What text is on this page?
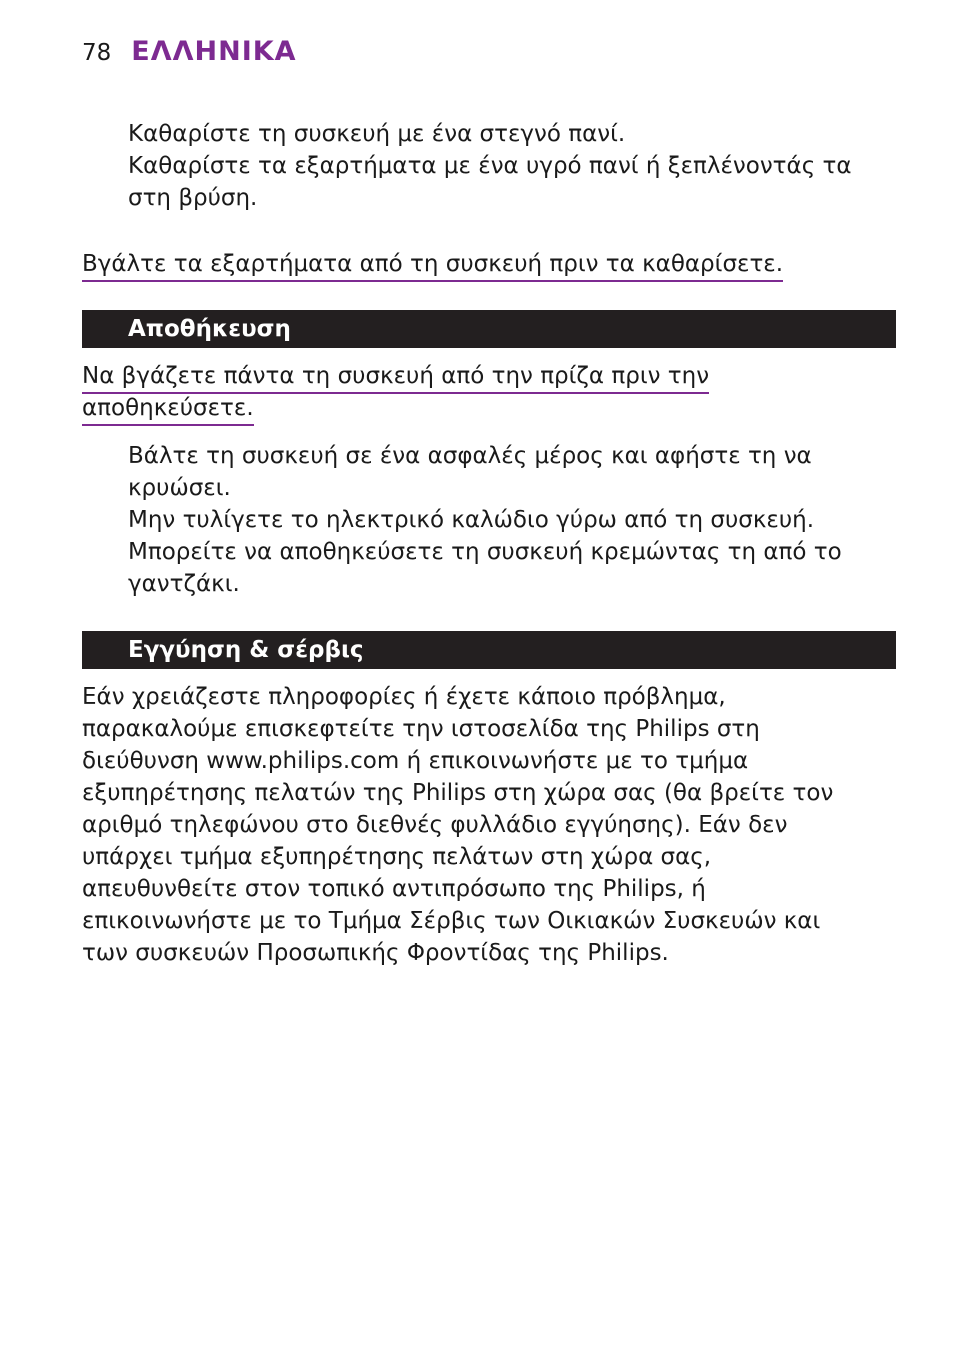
78 ΕΛΛΗΝΙΚΑ
Καθαρίστε τη συσκευή με ένα στεγνό πανί.
Καθαρίστε τα εξαρτήματα με ένα υγρό πανί ή ξεπλένοντάς τα
στη βρύση.
Βγάλτε τα εξαρτήματα από τη συσκευή πριν τα καθαρίσετε.
Αποθήκευση
Να βγάζετε πάντα τη συσκευή από την πρίζα πριν την
αποθηκεύσετε.
Βάλτε τη συσκευή σε ένα ασφαλές μέρος και αφήστε τη να
κρυώσει.
Μην τυλίγετε το ηλεκτρικό καλώδιο γύρω από τη συσκευή.
Μπορείτε να αποθηκεύσετε τη συσκευή κρεμώντας τη από το
γαντζάκι.
Εγγύηση & σέρβις
Εάν χρειάζεστε πληροφορίες ή έχετε κάποιο πρόβλημα,
παρακαλούμε επισκεφτείτε την ιστοσελίδα της Philips στη
διεύθυνση www.philips.com ή επικοινωνήστε με το τμήμα
εξυπηρέτησης πελατών της Philips στη χώρα σας (θα βρείτε τον
αριθμό τηλεφώνου στο διεθνές φυλλάδιο εγγύησης). Εάν δεν
υπάρχει τμήμα εξυπηρέτησης πελάτων στη χώρα σας,
απευθυνθείτε στον τοπικό αντιπρόσωπο της Philips, ή
επικοινωνήστε με το Τμήμα Σέρβις των Οικιακών Συσκευών και
των συσκευών Προσωπικής Φροντίδας της Philips.
